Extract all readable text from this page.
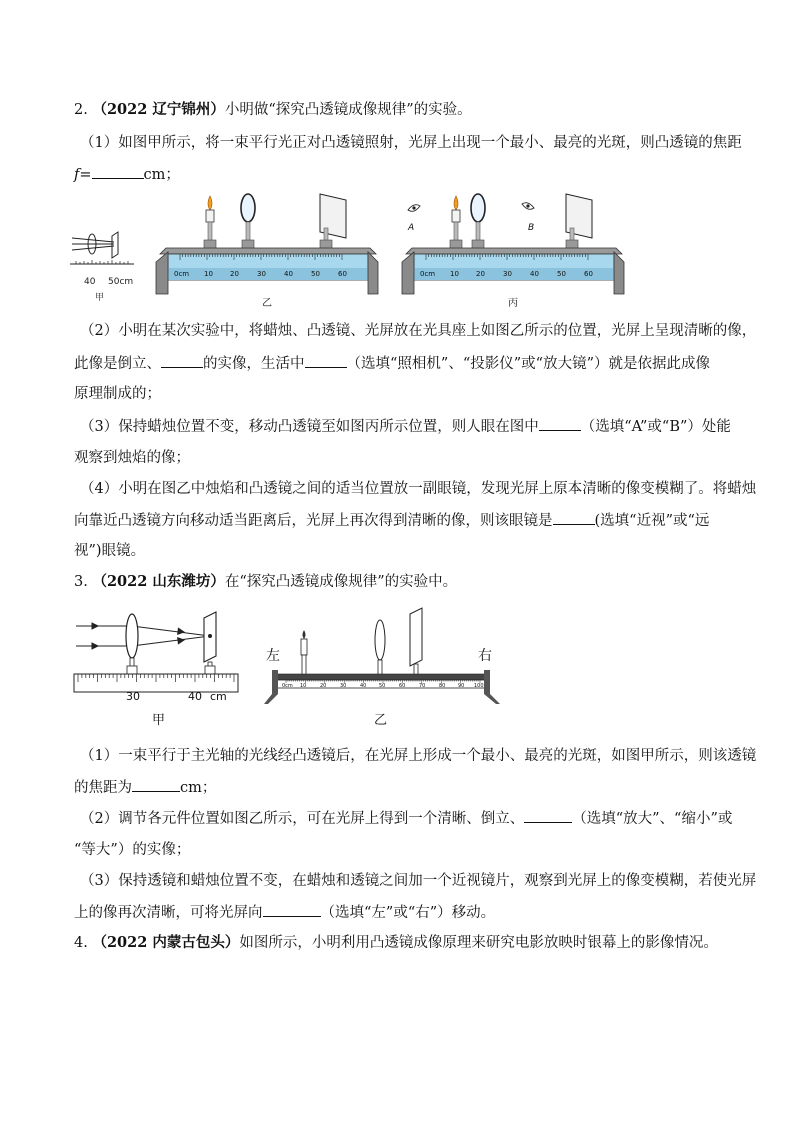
2. （2022 辽宁锦州）小明做“探究凸透镜成像规律”的实验。
（1）如图甲所示，将一束平行光正对凸透镜照射，光屏上出现一个最小、最亮的光斑，则凸透镜的焦距
f=	cm；
40 50cm
甲
0cm 10 20	30	40	50	60
乙
A	B
0cm 10 20	30	40	50	60
丙
（2）小明在某次实验中，将蜡烛、凸透镜、光屏放在光具座上如图乙所示的位置，光屏上呈现清晰的像，
此像是倒立、	的实像，生活中	（选填“照相机”、“投影仪”或“放大镜”）就是依据此成像
原理制成的；
（3）保持蜡烛位置不变，移动凸透镜至如图丙所示位置，则人眼在图中	（选填“A”或“B”）处能
观察到烛焰的像；
（4）小明在图乙中烛焰和凸透镜之间的适当位置放一副眼镜，发现光屏上原本清晰的像变模糊了。将蜡烛
向靠近凸透镜方向移动适当距离后，光屏上再次得到清晰的像，则该眼镜是	(选填“近视”或“远
视”)眼镜。
3. （2022 山东潍坊）在“探究凸透镜成像规律”的实验中。
30	40 cm
甲
左	右
0cm 10	20	30	40	50	60	70	80	90 100
乙
（1）一束平行于主光轴的光线经凸透镜后，在光屏上形成一个最小、最亮的光斑，如图甲所示，则该透镜
的焦距为	cm；
（2）调节各元件位置如图乙所示，可在光屏上得到一个清晰、倒立、	（选填“放大”、“缩小”或
“等大”）的实像；
（3）保持透镜和蜡烛位置不变，在蜡烛和透镜之间加一个近视镜片，观察到光屏上的像变模糊，若使光屏
上的像再次清晰，可将光屏向	（选填“左”或“右”）移动。
4. （2022 内蒙古包头）如图所示，小明利用凸透镜成像原理来研究电影放映时银幕上的影像情况。
